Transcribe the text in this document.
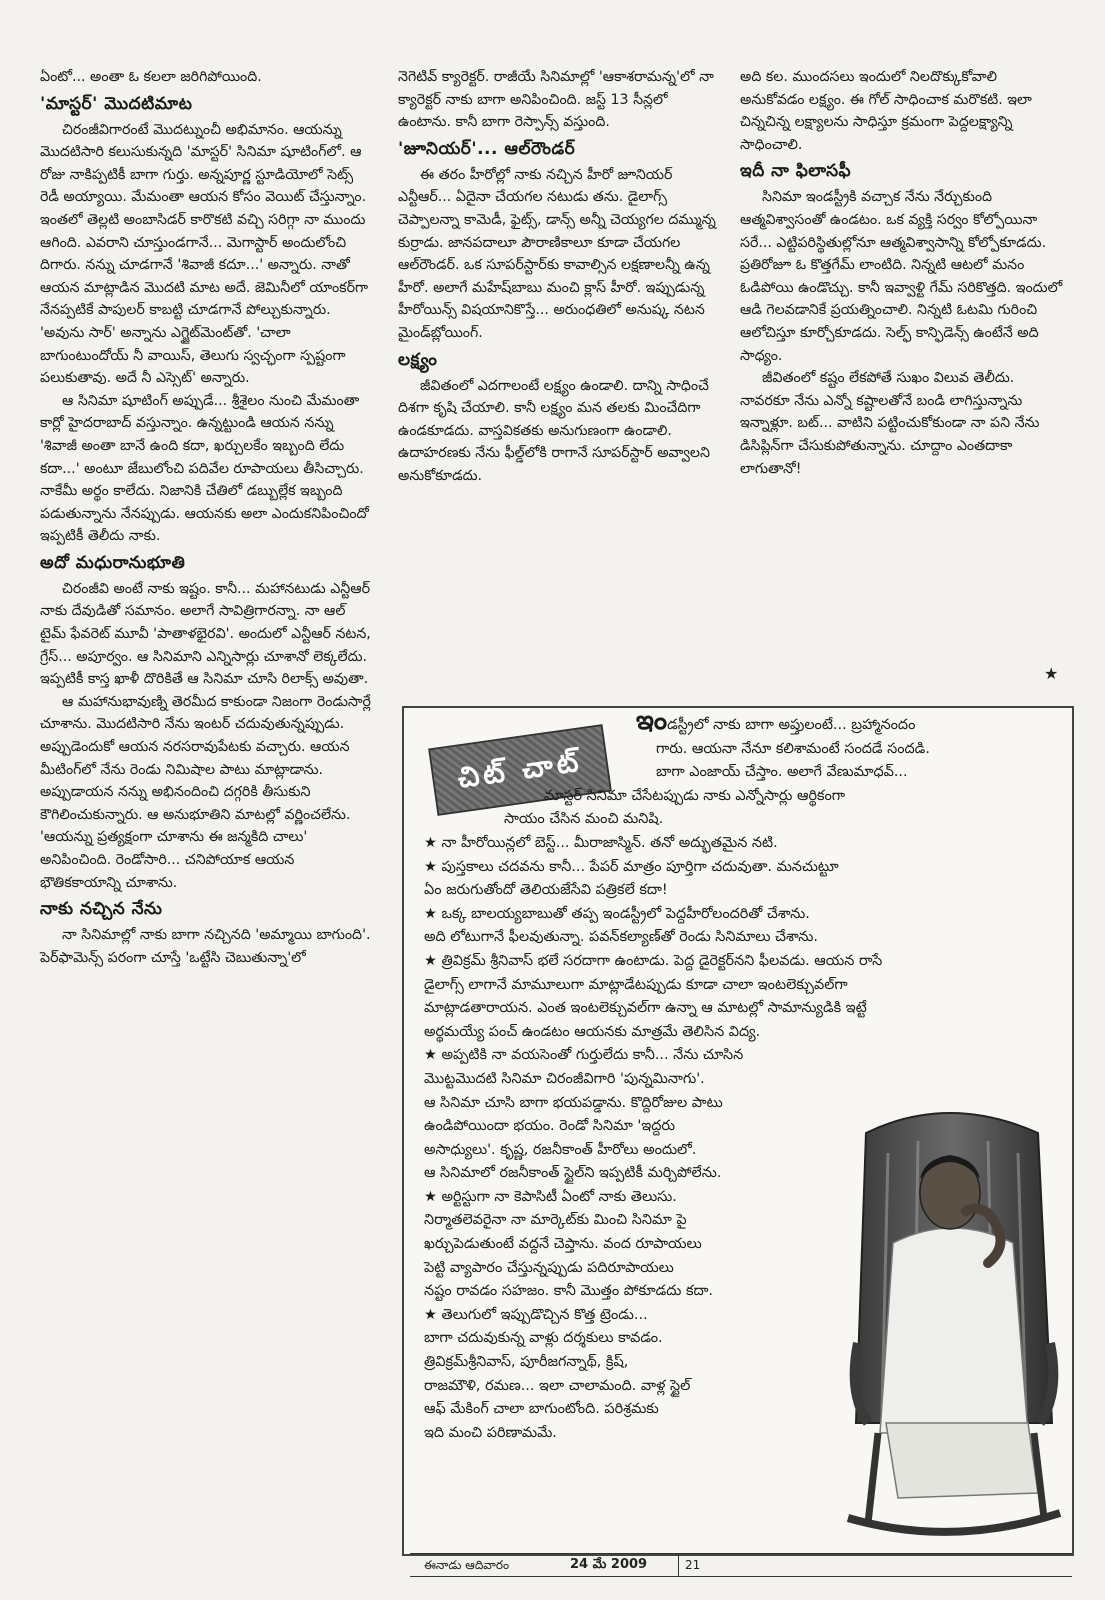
ఏంటో... అంతా ఓ కలలా జరిగిపోయింది.

'మాస్టర్' మొదటిమాట

చిరంజీవిగారంటే మొదట్నుంచీ అభిమానం. ఆయన్ను మొదటిసారి కలుసుకున్నది 'మాస్టర్' సినిమా షూటింగ్‌లో. ఆ రోజు నాకిప్పటికీ బాగా గుర్తు. అన్నపూర్ణ స్టూడియోలో సెట్స్ రెడీ అయ్యాయి. మేమంతా ఆయన కోసం వెయిట్ చేస్తున్నాం. ఇంతలో తెల్లటి అంబాసిడర్ కారొకటి వచ్చి సరిగ్గా నా ముందు ఆగింది. ఎవరాని చూస్తుండగానే... మెగాస్టార్ అందులోంచి దిగారు. నన్ను చూడగానే 'శివాజీ కదూ...' అన్నారు. నాతో ఆయన మాట్లాడిన మొదటి మాట అదే. జెమినీలో యాంకర్‌గా నేనప్పటికే పాపులర్ కాబట్టి చూడగానే పోల్చుకున్నారు. 'అవును సార్' అన్నాను ఎగ్జైట్‌మెంట్‌తో. 'చాలా బాగుంటుందోయ్ నీ వాయిస్, తెలుగు స్వచ్ఛంగా స్పష్టంగా పలుకుతావు. అదే నీ ఎస్సెట్' అన్నారు.

ఆ సినిమా షూటింగ్ అప్పుడే... శ్రీశైలం నుంచి మేమంతా కార్లో హైదరాబాద్ వస్తున్నాం. ఉన్నట్టుండి ఆయన నన్ను 'శివాజీ అంతా బానే ఉంది కదా, ఖర్చులకేం ఇబ్బంది లేదు కదా...' అంటూ జేబులోంచి పదివేల రూపాయలు తీసిచ్చారు. నాకేమీ అర్థం కాలేదు. నిజానికి చేతిలో డబ్బుల్లేక ఇబ్బంది పడుతున్నాను నేనప్పుడు. ఆయనకు అలా ఎందుకనిపించిందో ఇప్పటికీ తెలీదు నాకు.

అదో మధురానుభూతి

చిరంజీవి అంటే నాకు ఇష్టం. కానీ... మహానటుడు ఎన్టీఆర్ నాకు దేవుడితో సమానం. అలాగే సావిత్రిగారన్నా. నా ఆల్ టైమ్ ఫేవరెట్ మూవీ 'పాతాళభైరవి'. అందులో ఎన్టీఆర్ నటన, గ్రేస్... అపూర్వం. ఆ సినిమాని ఎన్నిసార్లు చూశానో లెక్కలేదు. ఇప్పటికీ కాస్త ఖాళీ దొరికితే ఆ సినిమా చూసి రిలాక్స్ అవుతా.

ఆ మహానుభావుణ్ని తెరమీద కాకుండా నిజంగా రెండుసార్లే చూశాను. మొదటిసారి నేను ఇంటర్ చదువుతున్నప్పుడు. అప్పుడెందుకో ఆయన నరసరావుపేటకు వచ్చారు. ఆయన మీటింగ్‌లో నేను రెండు నిమిషాల పాటు మాట్లాడాను. అప్పుడాయన నన్ను అభినందించి దగ్గరికి తీసుకుని కౌగిలించుకున్నారు. ఆ అనుభూతిని మాటల్లో వర్ణించలేను. 'ఆయన్ను ప్రత్యక్షంగా చూశాను ఈ జన్మకిది చాలు' అనిపించింది. రెండోసారి... చనిపోయాక ఆయన భౌతికకాయాన్ని చూశాను.

నాకు నచ్చిన నేను

నా సినిమాల్లో నాకు బాగా నచ్చినది 'అమ్మాయి బాగుంది'. పెర్‌ఫామెన్స్ పరంగా చూస్తే 'ఒట్టేసి చెబుతున్నా'లో

నెగెటివ్ క్యారెక్టర్. రాజీయే సినిమాల్లో 'ఆకాశరామన్న'లో నా క్యారెక్టర్ నాకు బాగా అనిపించింది. జస్ట్ 13 సీన్లలో ఉంటాను. కానీ బాగా రెస్పాన్స్ వస్తుంది.

'జూనియర్'... ఆల్‌రౌండర్

ఈ తరం హీరోల్లో నాకు నచ్చిన హీరో జూనియర్ ఎన్టీఆర్... ఏదైనా చేయగల నటుడు తను. డైలాగ్స్ చెప్పాలన్నా కామెడీ, ఫైట్స్, డాన్స్ అన్నీ చెయ్యగల దమ్మున్న కుర్రాడు. జానపదాలూ పౌరాణికాలూ కూడా చేయగల ఆల్‌రౌండర్. ఒక సూపర్‌స్టార్‌కు కావాల్సిన లక్షణాలన్నీ ఉన్న హీరో. అలాగే మహేష్‌బాబు మంచి క్లాస్ హీరో. ఇప్పుడున్న హీరోయిన్స్ విషయానికొస్తే... అరుంధతిలో అనుష్క నటన మైండ్‌బ్లోయింగ్.

లక్ష్యం

జీవితంలో ఎదగాలంటే లక్ష్యం ఉండాలి. దాన్ని సాధించే దిశగా కృషి చేయాలి. కానీ లక్ష్యం మన తలకు మించేదిగా ఉండకూడదు. వాస్తవికతకు అనుగుణంగా ఉండాలి. ఉదాహరణకు నేను ఫీల్డ్‌లోకి రాగానే సూపర్‌స్టార్ అవ్వాలని అనుకోకూడదు.

అది కల. ముందసలు ఇందులో నిలదొక్కుకోవాలి అనుకోవడం లక్ష్యం. ఈ గోల్ సాధించాక మరొకటి. ఇలా చిన్నచిన్న లక్ష్యాలను సాధిస్తూ క్రమంగా పెద్దలక్ష్యాన్ని సాధించాలి.

ఇదీ నా ఫిలాసఫీ

సినిమా ఇండస్ట్రీకి వచ్చాక నేను నేర్చుకుంది ఆత్మవిశ్వాసంతో ఉండటం. ఒక వ్యక్తి సర్వం కోల్పోయినా సరే... ఎట్టిపరిస్థితుల్లోనూ ఆత్మవిశ్వాసాన్ని కోల్పోకూడదు. ప్రతిరోజూ ఓ కొత్తగేమ్ లాంటిది. నిన్నటి ఆటలో మనం ఓడిపోయి ఉండొచ్చు. కానీ ఇవ్వాళ్టి గేమ్ సరికొత్తది. ఇందులో ఆడి గెలవడానికే ప్రయత్నించాలి. నిన్నటి ఓటమి గురించి ఆలోచిస్తూ కూర్చోకూడదు. సెల్ఫ్ కాన్ఫిడెన్స్ ఉంటేనే అది సాధ్యం.

జీవితంలో కష్టం లేకపోతే సుఖం విలువ తెలీదు. నావరకూ నేను ఎన్నో కష్టాలతోనే బండి లాగిస్తున్నాను ఇన్నాళ్లూ. బట్... వాటిని పట్టించుకోకుండా నా పని నేను డిసిప్లిన్‌గా చేసుకుపోతున్నాను. చూద్దాం ఎంతదాకా లాగుతానో!

★
చిట్ చాట్
ఇండస్ట్రీలో నాకు బాగా అప్తులంటే... బ్రహ్మానందం
గారు. ఆయనా నేనూ కలిశామంటే సందడే సందడి.
బాగా ఎంజాయ్ చేస్తాం. అలాగే వేణుమాధవ్...
మాస్టర్ సినిమా చేసేటప్పుడు నాకు ఎన్నోసార్లు ఆర్థికంగా
సాయం చేసిన మంచి మనిషి.
★ నా హీరోయిన్లలో బెస్ట్... మీరాజాస్మిన్. తనో అద్భుతమైన నటి.
★ పుస్తకాలు చదవను కానీ... పేపర్ మాత్రం పూర్తిగా చదువుతా. మనచుట్టూ
ఏం జరుగుతోందో తెలియజేసేవి పత్రికలే కదా!
★ ఒక్క బాలయ్యబాబుతో తప్ప ఇండస్ట్రీలో పెద్దహీరోలందరితో చేశాను.
అది లోటుగానే ఫీలవుతున్నా. పవన్‌కల్యాణ్‌తో రెండు సినిమాలు చేశాను.
★ త్రివిక్రమ్ శ్రీనివాస్ భలే సరదాగా ఉంటాడు. పెద్ద డైరెక్టర్‌నని ఫీలవడు. ఆయన రాసే
డైలాగ్స్ లాగానే మామూలుగా మాట్లాడేటప్పుడు కూడా చాలా ఇంటలెక్చువల్‌గా
మాట్లాడతారాయన. ఎంత ఇంటలెక్చువల్‌గా ఉన్నా ఆ మాటల్లో సామాన్యుడికి ఇట్టే
అర్థమయ్యే పంచ్ ఉండటం ఆయనకు మాత్రమే తెలిసిన విద్య.
★ అప్పటికి నా వయసెంతో గుర్తులేదు కానీ... నేను చూసిన
మొట్టమొదటి సినిమా చిరంజీవిగారి 'పున్నమినాగు'.
ఆ సినిమా చూసి బాగా భయపడ్డాను. కొద్దిరోజుల పాటు
ఉండిపోయిందా భయం. రెండో సినిమా 'ఇద్దరు
అసాధ్యులు'. కృష్ణ, రజనీకాంత్ హీరోలు అందులో.
ఆ సినిమాలో రజనీకాంత్ స్టైల్‌ని ఇప్పటికీ మర్చిపోలేను.
★ అర్టిస్టుగా నా కెపాసిటీ ఏంటో నాకు తెలుసు.
నిర్మాతలెవరైనా నా మార్కెట్‌కు మించి సినిమా పై
ఖర్చుపెడుతుంటే వద్దనే చెప్తాను. వంద రూపాయలు
పెట్టి వ్యాపారం చేస్తున్నప్పుడు పదిరూపాయలు
నష్టం రావడం సహజం. కానీ మొత్తం పోకూడదు కదా.
★ తెలుగులో ఇప్పుడొచ్చిన కొత్త ట్రెండు...
బాగా చదువుకున్న వాళ్లు దర్శకులు కావడం.
త్రివిక్రమ్‌శ్రీనివాస్, పూరీజగన్నాథ్, క్రిష్,
రాజమౌళి, రమణ... ఇలా చాలామంది. వాళ్ల స్టైల్
ఆఫ్ మేకింగ్ చాలా బాగుంటోంది. పరిశ్రమకు
ఇది మంచి పరిణామమే.
ఈనాడు ఆదివారం	24 మే 2009	21
